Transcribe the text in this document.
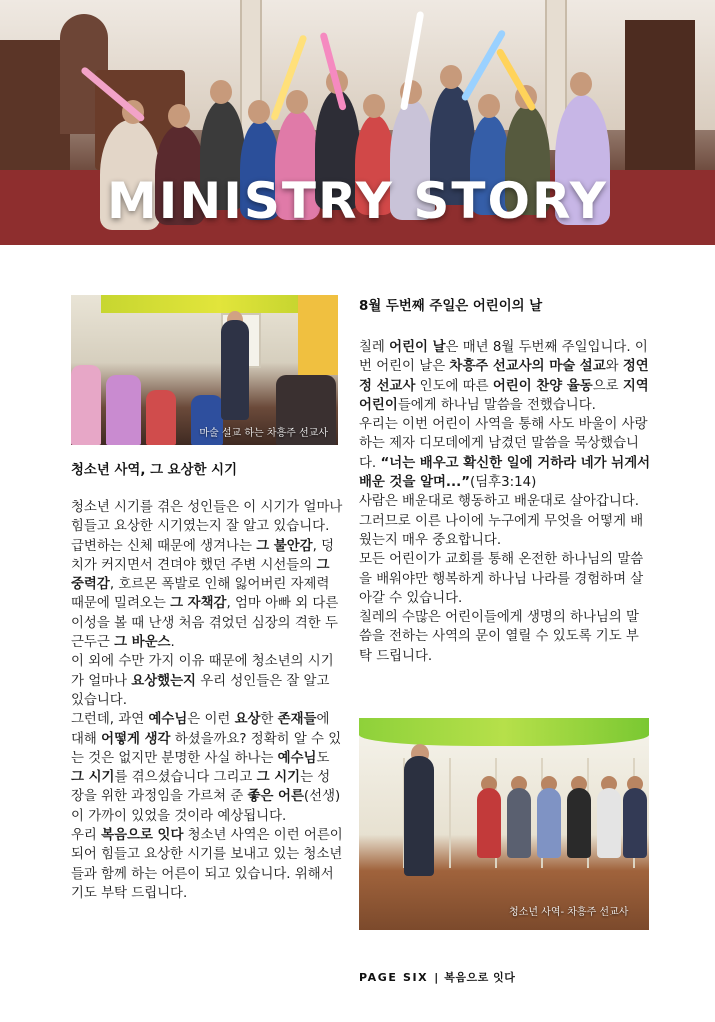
MINISTRY STORY
마술 설교 하는 차흥주 선교사
청소년 사역, 그 요상한 시기

청소년 시기를 겪은 성인들은 이 시기가 얼마나 힘들고 요상한 시기였는지 잘 알고 있습니다.

급변하는 신체 때문에 생겨나는 그 불안감, 덩치가 커지면서 견뎌야 했던 주변 시선들의 그 중력감, 호르몬 폭발로 인해 잃어버린 자제력 때문에 밀려오는 그 자책감, 엄마 아빠 외 다른 이성을 볼 때 난생 처음 겪었던 심장의 격한 두근두근 그 바운스.

이 외에 수만 가지 이유 때문에 청소년의 시기가 얼마나 요상했는지 우리 성인들은 잘 알고 있습니다.

그런데, 과연 예수님은 이런 요상한 존재들에 대해 어떻게 생각 하셨을까요? 정확히 알 수 있는 것은 없지만 분명한 사실 하나는 예수님도 그 시기를 겪으셨습니다 그리고 그 시기는 성장을 위한 과정임을 가르쳐 준 좋은 어른(선생)이 가까이 있었을 것이라 예상됩니다.

우리 복음으로 잇다 청소년 사역은 이런 어른이 되어 힘들고 요상한 시기를 보내고 있는 청소년들과 함께 하는 어른이 되고 있습니다. 위해서 기도 부탁 드립니다.

8월 두번째 주일은 어린이의 날

칠레 어린이 날은 매년 8월 두번째 주일입니다. 이번 어린이 날은 차흥주 선교사의 마술 설교와 정연정 선교사 인도에 따른 어린이 찬양 율동으로 지역 어린이들에게 하나님 말씀을 전했습니다.

우리는 이번 어린이 사역을 통해 사도 바울이 사랑하는 제자 디모데에게 남겼던 말씀을 묵상했습니다. “너는 배우고 확신한 일에 거하라 네가 뉘게서 배운 것을 알며...”(딤후3:14)

사람은 배운대로 행동하고 배운대로 살아갑니다. 그러므로 이른 나이에 누구에게 무엇을 어떻게 배웠는지 매우 중요합니다.

모든 어린이가 교회를 통해 온전한 하나님의 말씀을 배워야만 행복하게 하나님 나라를 경험하며 살아갈 수 있습니다.

칠레의 수많은 어린이들에게 생명의 하나님의 말씀을 전하는 사역의 문이 열릴 수 있도록 기도 부탁 드립니다.

청소년 사역- 차흥주 선교사
PAGE SIX | 복음으로 잇다
